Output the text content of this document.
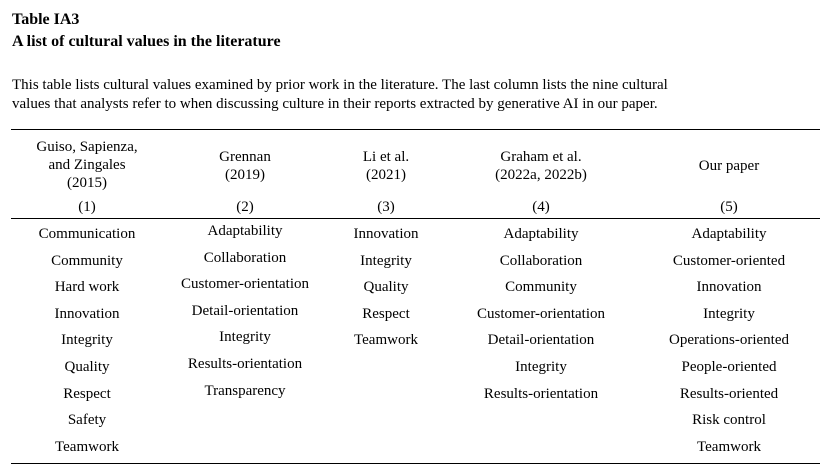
Table IA3
A list of cultural values in the literature
This table lists cultural values examined by prior work in the literature. The last column lists the nine cultural
values that analysts refer to when discussing culture in their reports extracted by generative AI in our paper.
Guiso, Sapienza,
and Zingales
(2015)
(1)
Communication
Community
Hard work
Innovation
Integrity
Quality
Respect
Safety
Teamwork
Grennan
(2019)
(2)
Adaptability
Collaboration
Customer-orientation
Detail-orientation
Integrity
Results-orientation
Transparency
Li et al.
(2021)
(3)
Innovation
Integrity
Quality
Respect
Teamwork
Graham et al.
(2022a, 2022b)
(4)
Adaptability
Collaboration
Community
Customer-orientation
Detail-orientation
Integrity
Results-orientation
Our paper
(5)
Adaptability
Customer-oriented
Innovation
Integrity
Operations-oriented
People-oriented
Results-oriented
Risk control
Teamwork
